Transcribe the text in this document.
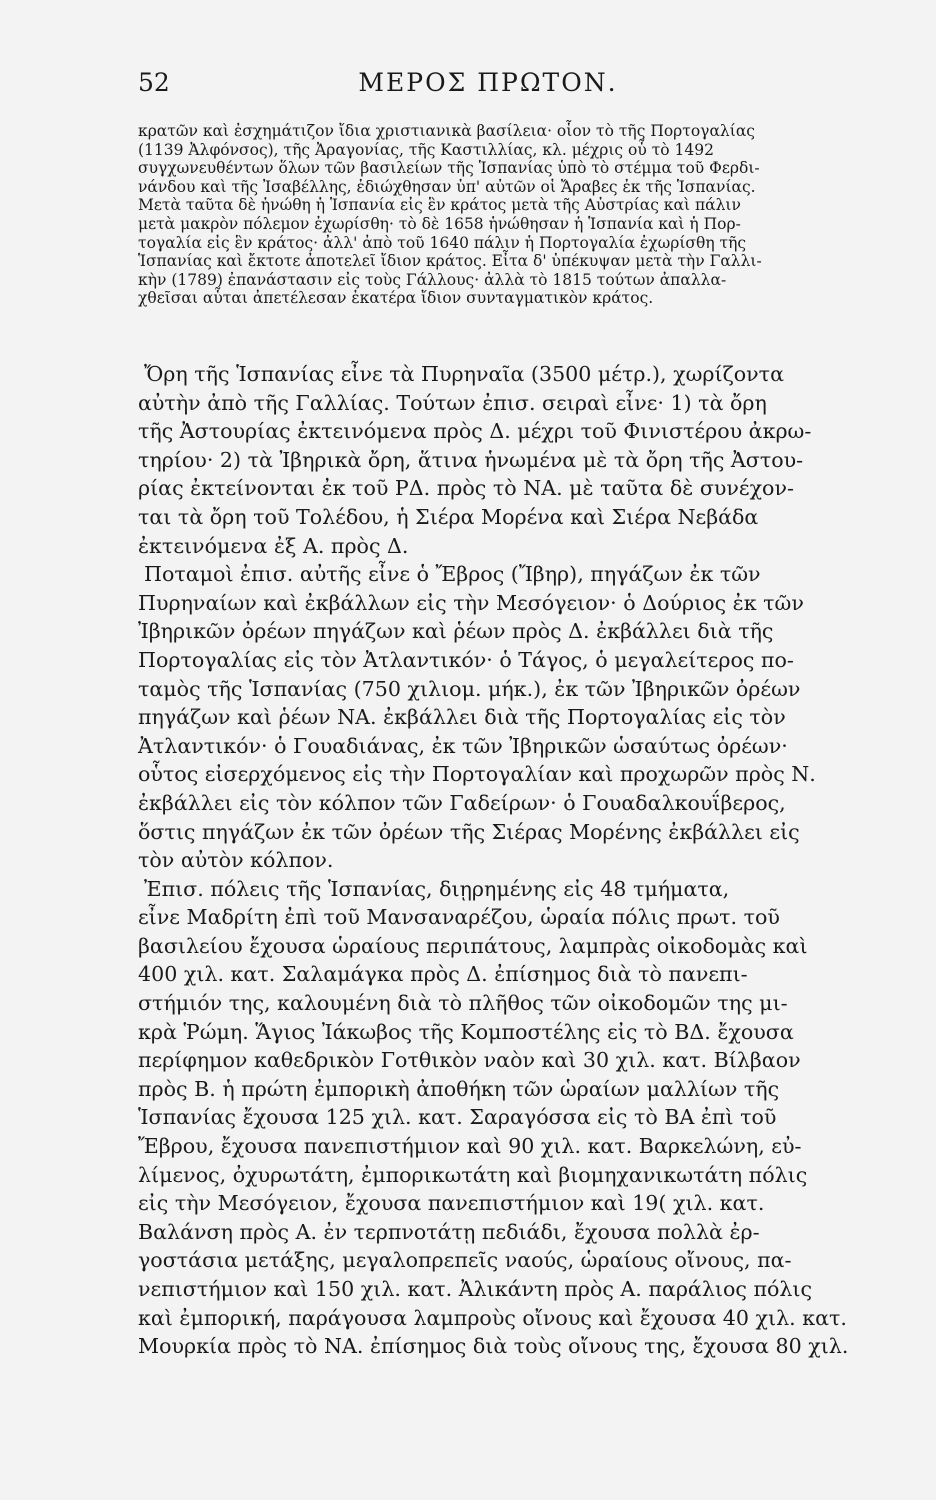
52	ΜΕΡΟΣ ΠΡΩΤΟΝ.

κρατῶν καὶ ἐσχημάτιζον ἴδια χριστιανικὰ βασίλεια· οἷον τὸ τῆς Πορτογαλίας

(1139 Ἀλφόνσος), τῆς Ἀραγονίας, τῆς Καστιλλίας, κλ. μέχρις οὗ τὸ 1492

συγχωνευθέντων ὅλων τῶν βασιλείων τῆς Ἱσπανίας ὑπὸ τὸ στέμμα τοῦ Φερδι-

νάνδου καὶ τῆς Ἰσαβέλλης, ἐδιώχθησαν ὑπ' αὐτῶν οἱ Ἄραβες ἐκ τῆς Ἱσπανίας.

Μετὰ ταῦτα δὲ ἡνώθη ἡ Ἱσπανία εἰς ἓν κράτος μετὰ τῆς Αὐστρίας καὶ πάλιν

μετὰ μακρὸν πόλεμον ἐχωρίσθη· τὸ δὲ 1658 ἡνώθησαν ἡ Ἱσπανία καὶ ἡ Πορ-

τογαλία εἰς ἓν κράτος· ἀλλ' ἀπὸ τοῦ 1640 πάλιν ἡ Πορτογαλία ἐχωρίσθη τῆς

Ἱσπανίας καὶ ἔκτοτε ἀποτελεῖ ἴδιον κράτος. Εἶτα δ' ὑπέκυψαν μετὰ τὴν Γαλλι-

κὴν (1789) ἐπανάστασιν εἰς τοὺς Γάλλους· ἀλλὰ τὸ 1815 τούτων ἀπαλλα-

χθεῖσαι αὗται ἀπετέλεσαν ἑκατέρα ἴδιον συνταγματικὸν κράτος.

Ὄρη τῆς Ἱσπανίας εἶνε τὰ Πυρηναῖα (3500 μέτρ.), χωρίζοντα

αὐτὴν ἀπὸ τῆς Γαλλίας. Τούτων ἐπισ. σειραὶ εἶνε· 1) τὰ ὄρη

τῆς Ἀστουρίας ἐκτεινόμενα πρὸς Δ. μέχρι τοῦ Φινιστέρου ἀκρω-

τηρίου· 2) τὰ Ἰβηρικὰ ὄρη, ἅτινα ἡνωμένα μὲ τὰ ὄρη τῆς Ἀστου-

ρίας ἐκτείνονται ἐκ τοῦ ΡΔ. πρὸς τὸ ΝΑ. μὲ ταῦτα δὲ συνέχον-

ται τὰ ὄρη τοῦ Τολέδου, ἡ Σιέρα Μορένα καὶ Σιέρα Νεβάδα

ἐκτεινόμενα ἐξ Α. πρὸς Δ.

Ποταμοὶ ἐπισ. αὐτῆς εἶνε ὁ Ἔβρος (Ἴβηρ), πηγάζων ἐκ τῶν

Πυρηναίων καὶ ἐκβάλλων εἰς τὴν Μεσόγειον· ὁ Δούριος ἐκ τῶν

Ἰβηρικῶν ὀρέων πηγάζων καὶ ῥέων πρὸς Δ. ἐκβάλλει διὰ τῆς

Πορτογαλίας εἰς τὸν Ἀτλαντικόν· ὁ Τάγος, ὁ μεγαλείτερος πο-

ταμὸς τῆς Ἱσπανίας (750 χιλιομ. μήκ.), ἐκ τῶν Ἰβηρικῶν ὀρέων

πηγάζων καὶ ῥέων ΝΑ. ἐκβάλλει διὰ τῆς Πορτογαλίας εἰς τὸν

Ἀτλαντικόν· ὁ Γουαδιάνας, ἐκ τῶν Ἰβηρικῶν ὡσαύτως ὀρέων·

οὗτος εἰσερχόμενος εἰς τὴν Πορτογαλίαν καὶ προχωρῶν πρὸς Ν.

ἐκβάλλει εἰς τὸν κόλπον τῶν Γαδείρων· ὁ Γουαδαλκουΐβερος,

ὅστις πηγάζων ἐκ τῶν ὀρέων τῆς Σιέρας Μορένης ἐκβάλλει εἰς

τὸν αὐτὸν κόλπον.

Ἐπισ. πόλεις τῆς Ἱσπανίας, διῃρημένης εἰς 48 τμήματα,

εἶνε Μαδρίτη ἐπὶ τοῦ Μανσαναρέζου, ὡραία πόλις πρωτ. τοῦ

βασιλείου ἔχουσα ὡραίους περιπάτους, λαμπρὰς οἰκοδομὰς καὶ

400 χιλ. κατ. Σαλαμάγκα πρὸς Δ. ἐπίσημος διὰ τὸ πανεπι-

στήμιόν της, καλουμένη διὰ τὸ πλῆθος τῶν οἰκοδομῶν της μι-

κρὰ Ῥώμη. Ἅγιος Ἰάκωβος τῆς Κομποστέλης εἰς τὸ ΒΔ. ἔχουσα

περίφημον καθεδρικὸν Γοτθικὸν ναὸν καὶ 30 χιλ. κατ. Βίλβαον

πρὸς Β. ἡ πρώτη ἐμπορικὴ ἀποθήκη τῶν ὡραίων μαλλίων τῆς

Ἱσπανίας ἔχουσα 125 χιλ. κατ. Σαραγόσσα εἰς τὸ ΒΑ ἐπὶ τοῦ

Ἔβρου, ἔχουσα πανεπιστήμιον καὶ 90 χιλ. κατ. Βαρκελώνη, εὐ-

λίμενος, ὀχυρωτάτη, ἐμπορικωτάτη καὶ βιομηχανικωτάτη πόλις

εἰς τὴν Μεσόγειον, ἔχουσα πανεπιστήμιον καὶ 19( χιλ. κατ.

Βαλάνση πρὸς Α. ἐν τερπνοτάτῃ πεδιάδι, ἔχουσα πολλὰ ἐρ-

γοστάσια μετάξης, μεγαλοπρεπεῖς ναούς, ὡραίους οἴνους, πα-

νεπιστήμιον καὶ 150 χιλ. κατ. Ἀλικάντη πρὸς Α. παράλιος πόλις

καὶ ἐμπορική, παράγουσα λαμπροὺς οἴνους καὶ ἔχουσα 40 χιλ. κατ.

Μουρκία πρὸς τὸ ΝΑ. ἐπίσημος διὰ τοὺς οἴνους της, ἔχουσα 80 χιλ.
